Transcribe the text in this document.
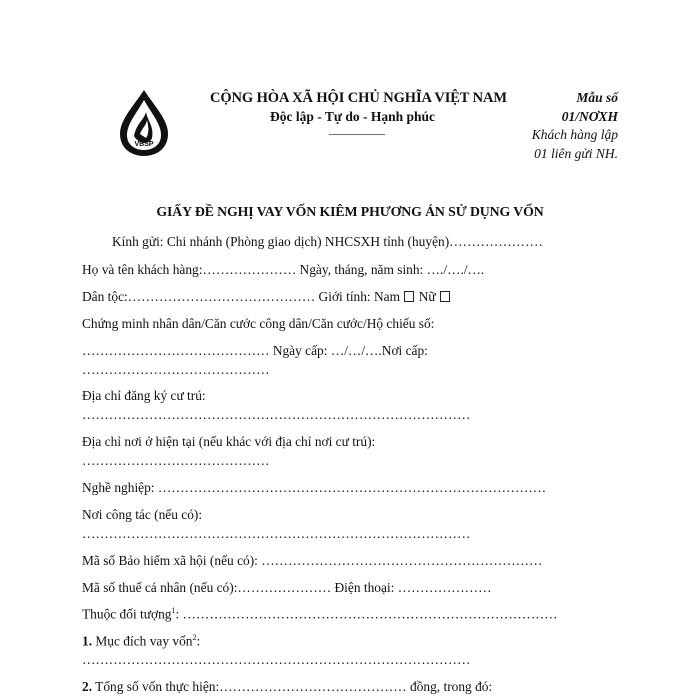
VBSP
CỘNG HÒA XÃ HỘI CHỦ NGHĨA VIỆT NAM
Độc lập - Tự do - Hạnh phúc
—————
Mẫu số
01/NƠXH
Khách hàng lập
01 liên gửi NH.
GIẤY ĐỀ NGHỊ VAY VỐN KIÊM PHƯƠNG ÁN SỬ DỤNG VỐN
Kính gửi: Chi nhánh (Phòng giao dịch) NHCSXH tỉnh (huyện)…………………
Họ và tên khách hàng:………………… Ngày, tháng, năm sinh: …./…./….
Dân tộc:…………………………………… Giới tính: Nam Nữ
Chứng minh nhân dân/Căn cước công dân/Căn cước/Hộ chiếu số:
…………………………………… Ngày cấp: …/…/….Nơi cấp:
……………………………………
Địa chỉ đăng ký cư trú:
……………………………………………………………………………
Địa chỉ nơi ở hiện tại (nếu khác với địa chỉ nơi cư trú):
……………………………………
Nghề nghiệp: ……………………………………………………………………………
Nơi công tác (nếu có):
……………………………………………………………………………
Mã số Bảo hiểm xã hội (nếu có): ………………………………………………………
Mã số thuế cá nhân (nếu có):………………… Điện thoại: …………………
Thuộc đối tượng$^1$: …………………………………………………………………………
1. Mục đích vay vốn$^2$:
……………………………………………………………………………
2. Tổng số vốn thực hiện:…………………………………… đồng, trong đó:
